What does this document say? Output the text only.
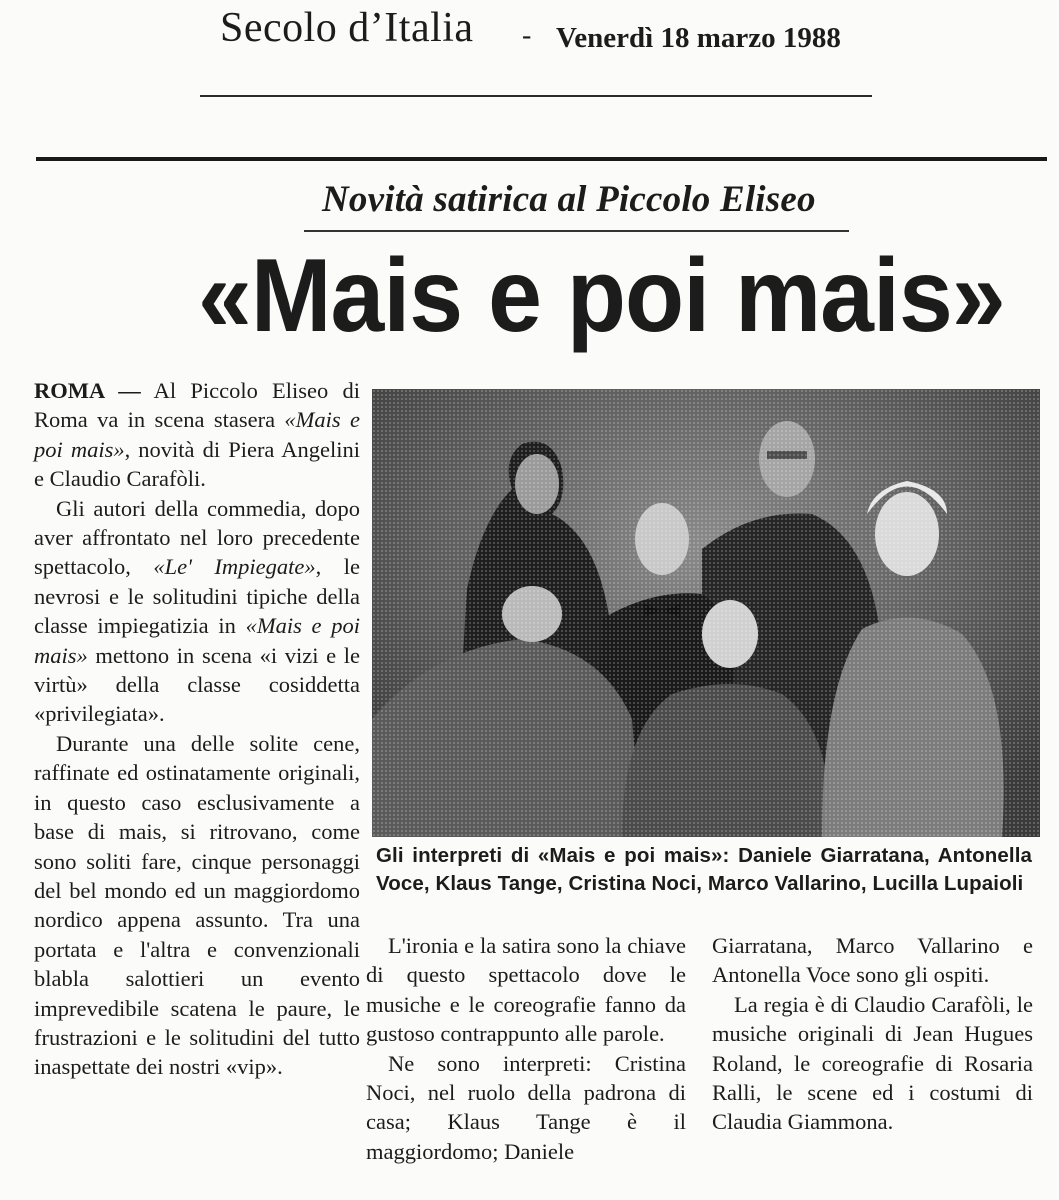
Secolo d’Italia - Venerdì 18 marzo 1988
Novità satirica al Piccolo Eliseo
«Mais e poi mais»

ROMA — Al Piccolo Eliseo di Roma va in scena stasera «Mais e poi mais», novità di Piera Angelini e Claudio Carafòli.

Gli autori della commedia, dopo aver affrontato nel loro precedente spettacolo, «Le' Impiegate», le nevrosi e le solitudini tipiche della classe impiegatizia in «Mais e poi mais» mettono in scena «i vizi e le virtù» della classe cosiddetta «privilegiata».

Durante una delle solite cene, raffinate ed ostinatamente originali, in questo caso esclusivamente a base di mais, si ritrovano, come sono soliti fare, cinque personaggi del bel mondo ed un maggiordomo nordico appena assunto. Tra una portata e l'altra e convenzionali blabla salottieri un evento imprevedibile scatena le paure, le frustrazioni e le solitudini del tutto inaspettate dei nostri «vip».

Gli interpreti di «Mais e poi mais»: Daniele Giarratana, Antonella Voce, Klaus Tange, Cristina Noci, Marco Vallarino, Lucilla Lupaioli

L'ironia e la satira sono la chiave di questo spettacolo dove le musiche e le coreografie fanno da gustoso contrappunto alle parole.

Ne sono interpreti: Cristina Noci, nel ruolo della padrona di casa; Klaus Tange è il maggiordomo; Daniele

Giarratana, Marco Vallarino e Antonella Voce sono gli ospiti.

La regia è di Claudio Carafòli, le musiche originali di Jean Hugues Roland, le coreografie di Rosaria Ralli, le scene ed i costumi di Claudia Giammona.
